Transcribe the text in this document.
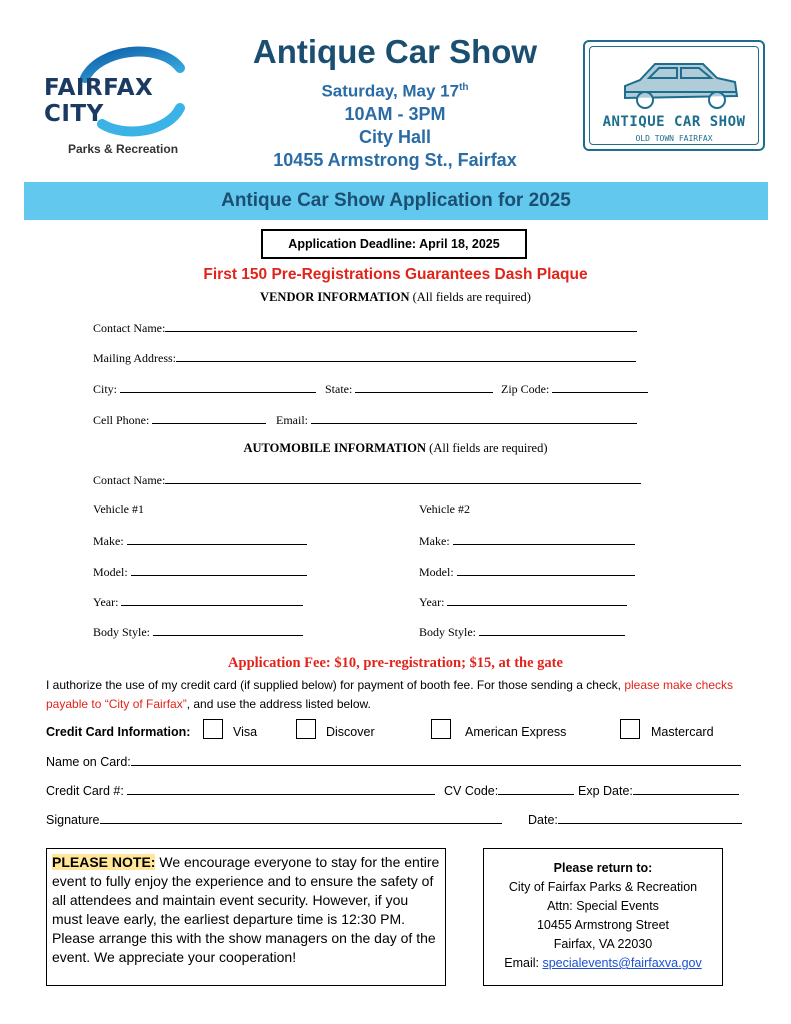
FAIRFAX CITY
Parks & Recreation
Antique Car Show
Saturday, May 17th
10AM - 3PM
City Hall
10455 Armstrong St., Fairfax
ANTIQUE CAR SHOW
OLD TOWN FAIRFAX
Antique Car Show Application for 2025
Application Deadline: April 18, 2025
First 150 Pre-Registrations Guarantees Dash Plaque
VENDOR INFORMATION (All fields are required)
Contact Name:
Mailing Address:
City:	State:	Zip Code:
Cell Phone:	Email:
AUTOMOBILE INFORMATION (All fields are required)
Contact Name:
Vehicle #1	Vehicle #2
Make:	Make:
Model:	Model:
Year:	Year:
Body Style:	Body Style:
Application Fee: $10, pre-registration; $15, at the gate
I authorize the use of my credit card (if supplied below) for payment of booth fee. For those sending a check, please make checks payable to “City of Fairfax”, and use the address listed below.
Credit Card Information:	Visa	Discover	American Express	Mastercard
Name on Card:
Credit Card #:	CV Code:	Exp Date:
Signature	Date:
PLEASE NOTE: We encourage everyone to stay for the entire event to fully enjoy the experience and to ensure the safety of all attendees and maintain event security. However, if you must leave early, the earliest departure time is 12:30 PM. Please arrange this with the show managers on the day of the event. We appreciate your cooperation!
Please return to:
City of Fairfax Parks & Recreation
Attn: Special Events
10455 Armstrong Street
Fairfax, VA 22030
Email: specialevents@fairfaxva.gov
